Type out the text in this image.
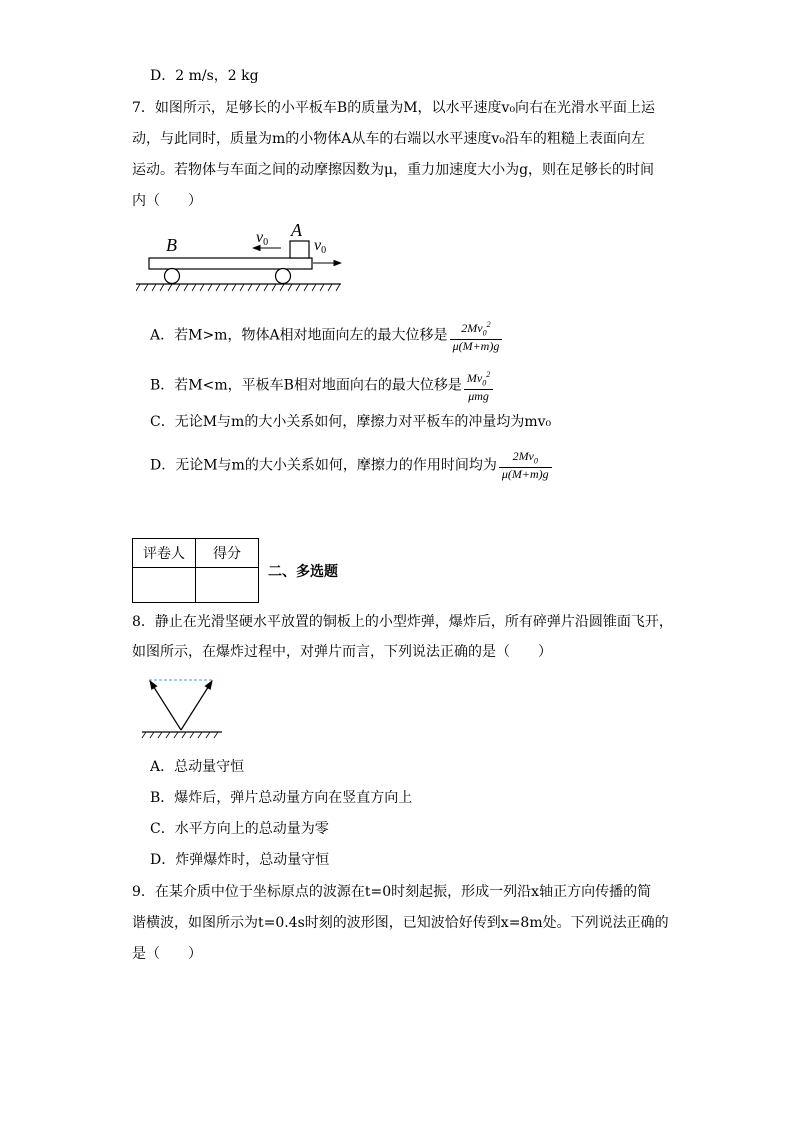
D．2 m/s，2 kg
7．如图所示，足够长的小平板车B的质量为M，以水平速度v₀向右在光滑水平面上运
动，与此同时，质量为m的小物体A从车的右端以水平速度v₀沿车的粗糙上表面向左
运动。若物体与车面之间的动摩擦因数为μ，重力加速度大小为g，则在足够长的时间
内（　　）
B
A
v0	v0
A．若M>m，物体A相对地面向左的最大位移是 $\frac{2Mv_0^2}{\mu(M+m)g}$
B．若M<m，平板车B相对地面向右的最大位移是 $\frac{Mv_0^2}{\text{μmg}}$
C．无论M与m的大小关系如何，摩擦力对平板车的冲量均为mv₀
D．无论M与m的大小关系如何，摩擦力的作用时间均为 $\frac{2Mv_0}{\mu(M+m)g}$
评卷人	得分

二、多选题
8．静止在光滑坚硬水平放置的铜板上的小型炸弹，爆炸后，所有碎弹片沿圆锥面飞开，
如图所示，在爆炸过程中，对弹片而言，下列说法正确的是（　　）
A．总动量守恒
B．爆炸后，弹片总动量方向在竖直方向上
C．水平方向上的总动量为零
D．炸弹爆炸时，总动量守恒
9．在某介质中位于坐标原点的波源在t=0时刻起振，形成一列沿x轴正方向传播的简
谐横波，如图所示为t=0.4s时刻的波形图，已知波恰好传到x=8m处。下列说法正确的
是（　　）
